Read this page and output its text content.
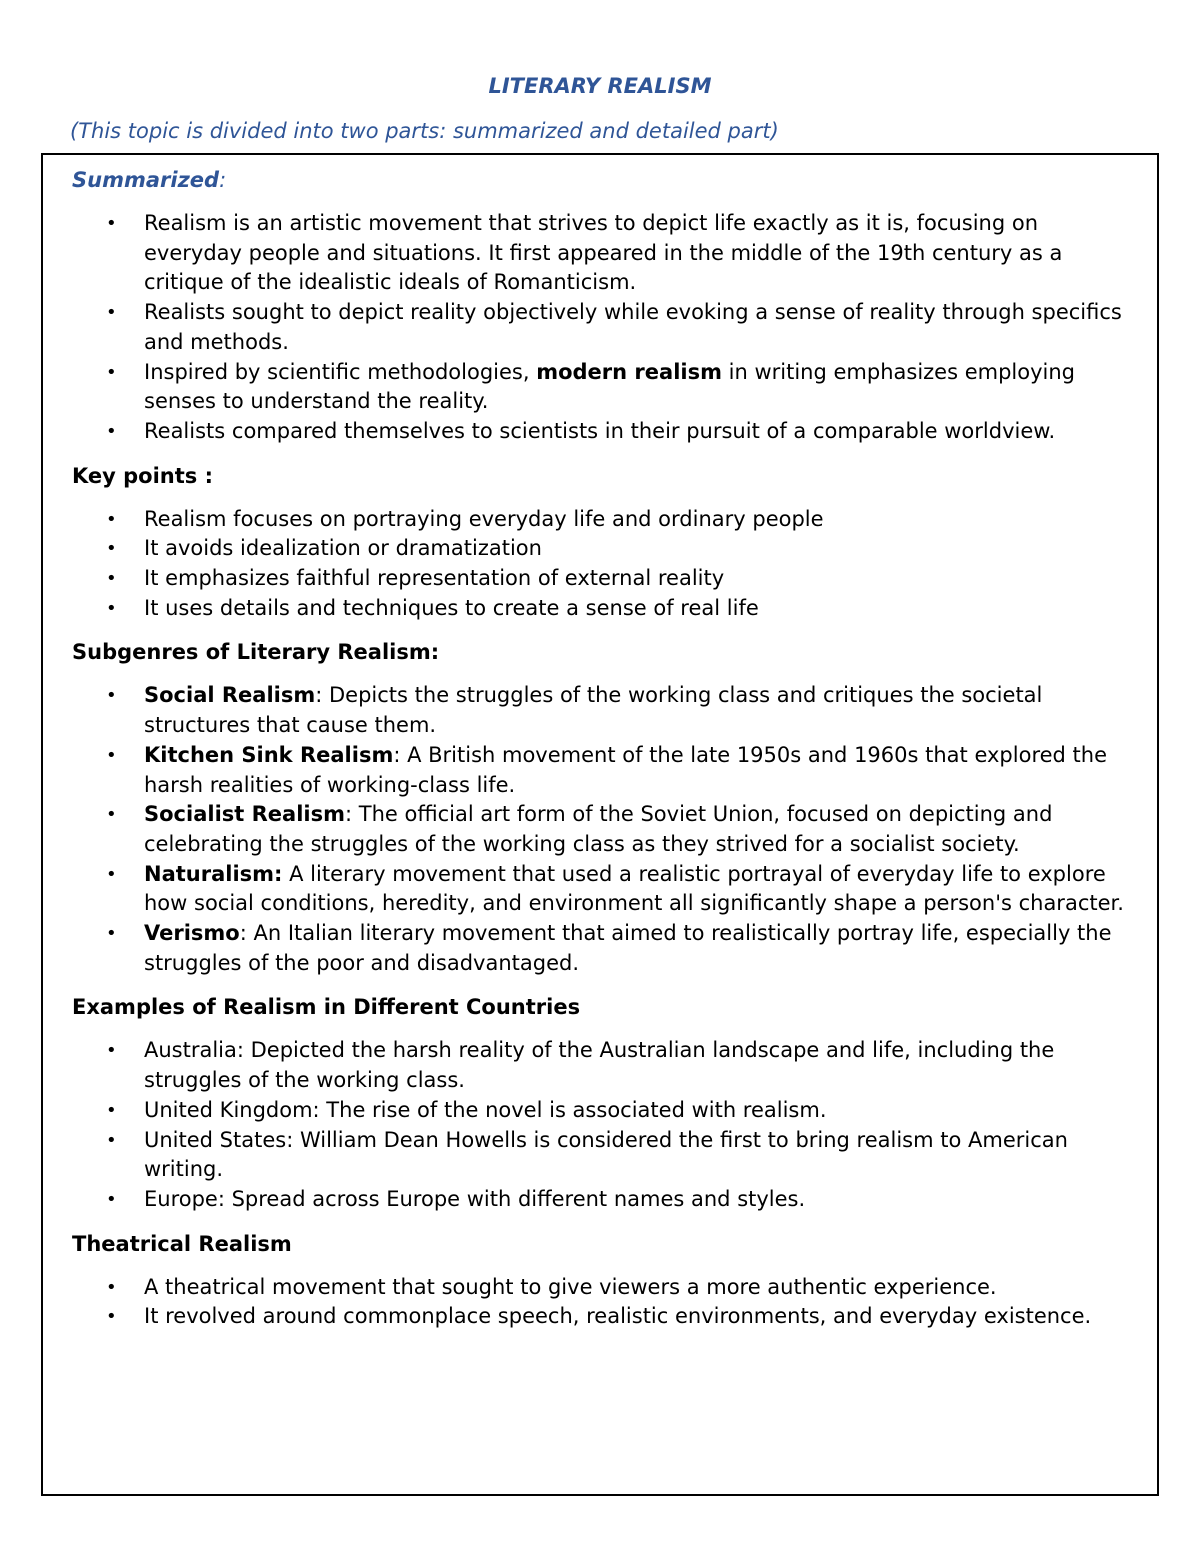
LITERARY REALISM
(This topic is divided into two parts: summarized and detailed part)
Summarized:
• Realism is an artistic movement that strives to depict life exactly as it is, focusing on everyday people and situations. It first appeared in the middle of the 19th century as a critique of the idealistic ideals of Romanticism.
• Realists sought to depict reality objectively while evoking a sense of reality through specifics and methods.
• Inspired by scientific methodologies, modern realism in writing emphasizes employing senses to understand the reality.
• Realists compared themselves to scientists in their pursuit of a comparable worldview.
Key points :
• Realism focuses on portraying everyday life and ordinary people
• It avoids idealization or dramatization
• It emphasizes faithful representation of external reality
• It uses details and techniques to create a sense of real life
Subgenres of Literary Realism:
• Social Realism: Depicts the struggles of the working class and critiques the societal structures that cause them.
• Kitchen Sink Realism: A British movement of the late 1950s and 1960s that explored the harsh realities of working-class life.
• Socialist Realism: The official art form of the Soviet Union, focused on depicting and celebrating the struggles of the working class as they strived for a socialist society.
• Naturalism: A literary movement that used a realistic portrayal of everyday life to explore how social conditions, heredity, and environment all significantly shape a person's character.
• Verismo: An Italian literary movement that aimed to realistically portray life, especially the struggles of the poor and disadvantaged.
Examples of Realism in Different Countries
• Australia: Depicted the harsh reality of the Australian landscape and life, including the struggles of the working class.
• United Kingdom: The rise of the novel is associated with realism.
• United States: William Dean Howells is considered the first to bring realism to American writing.
• Europe: Spread across Europe with different names and styles.
Theatrical Realism
• A theatrical movement that sought to give viewers a more authentic experience.
• It revolved around commonplace speech, realistic environments, and everyday existence.
